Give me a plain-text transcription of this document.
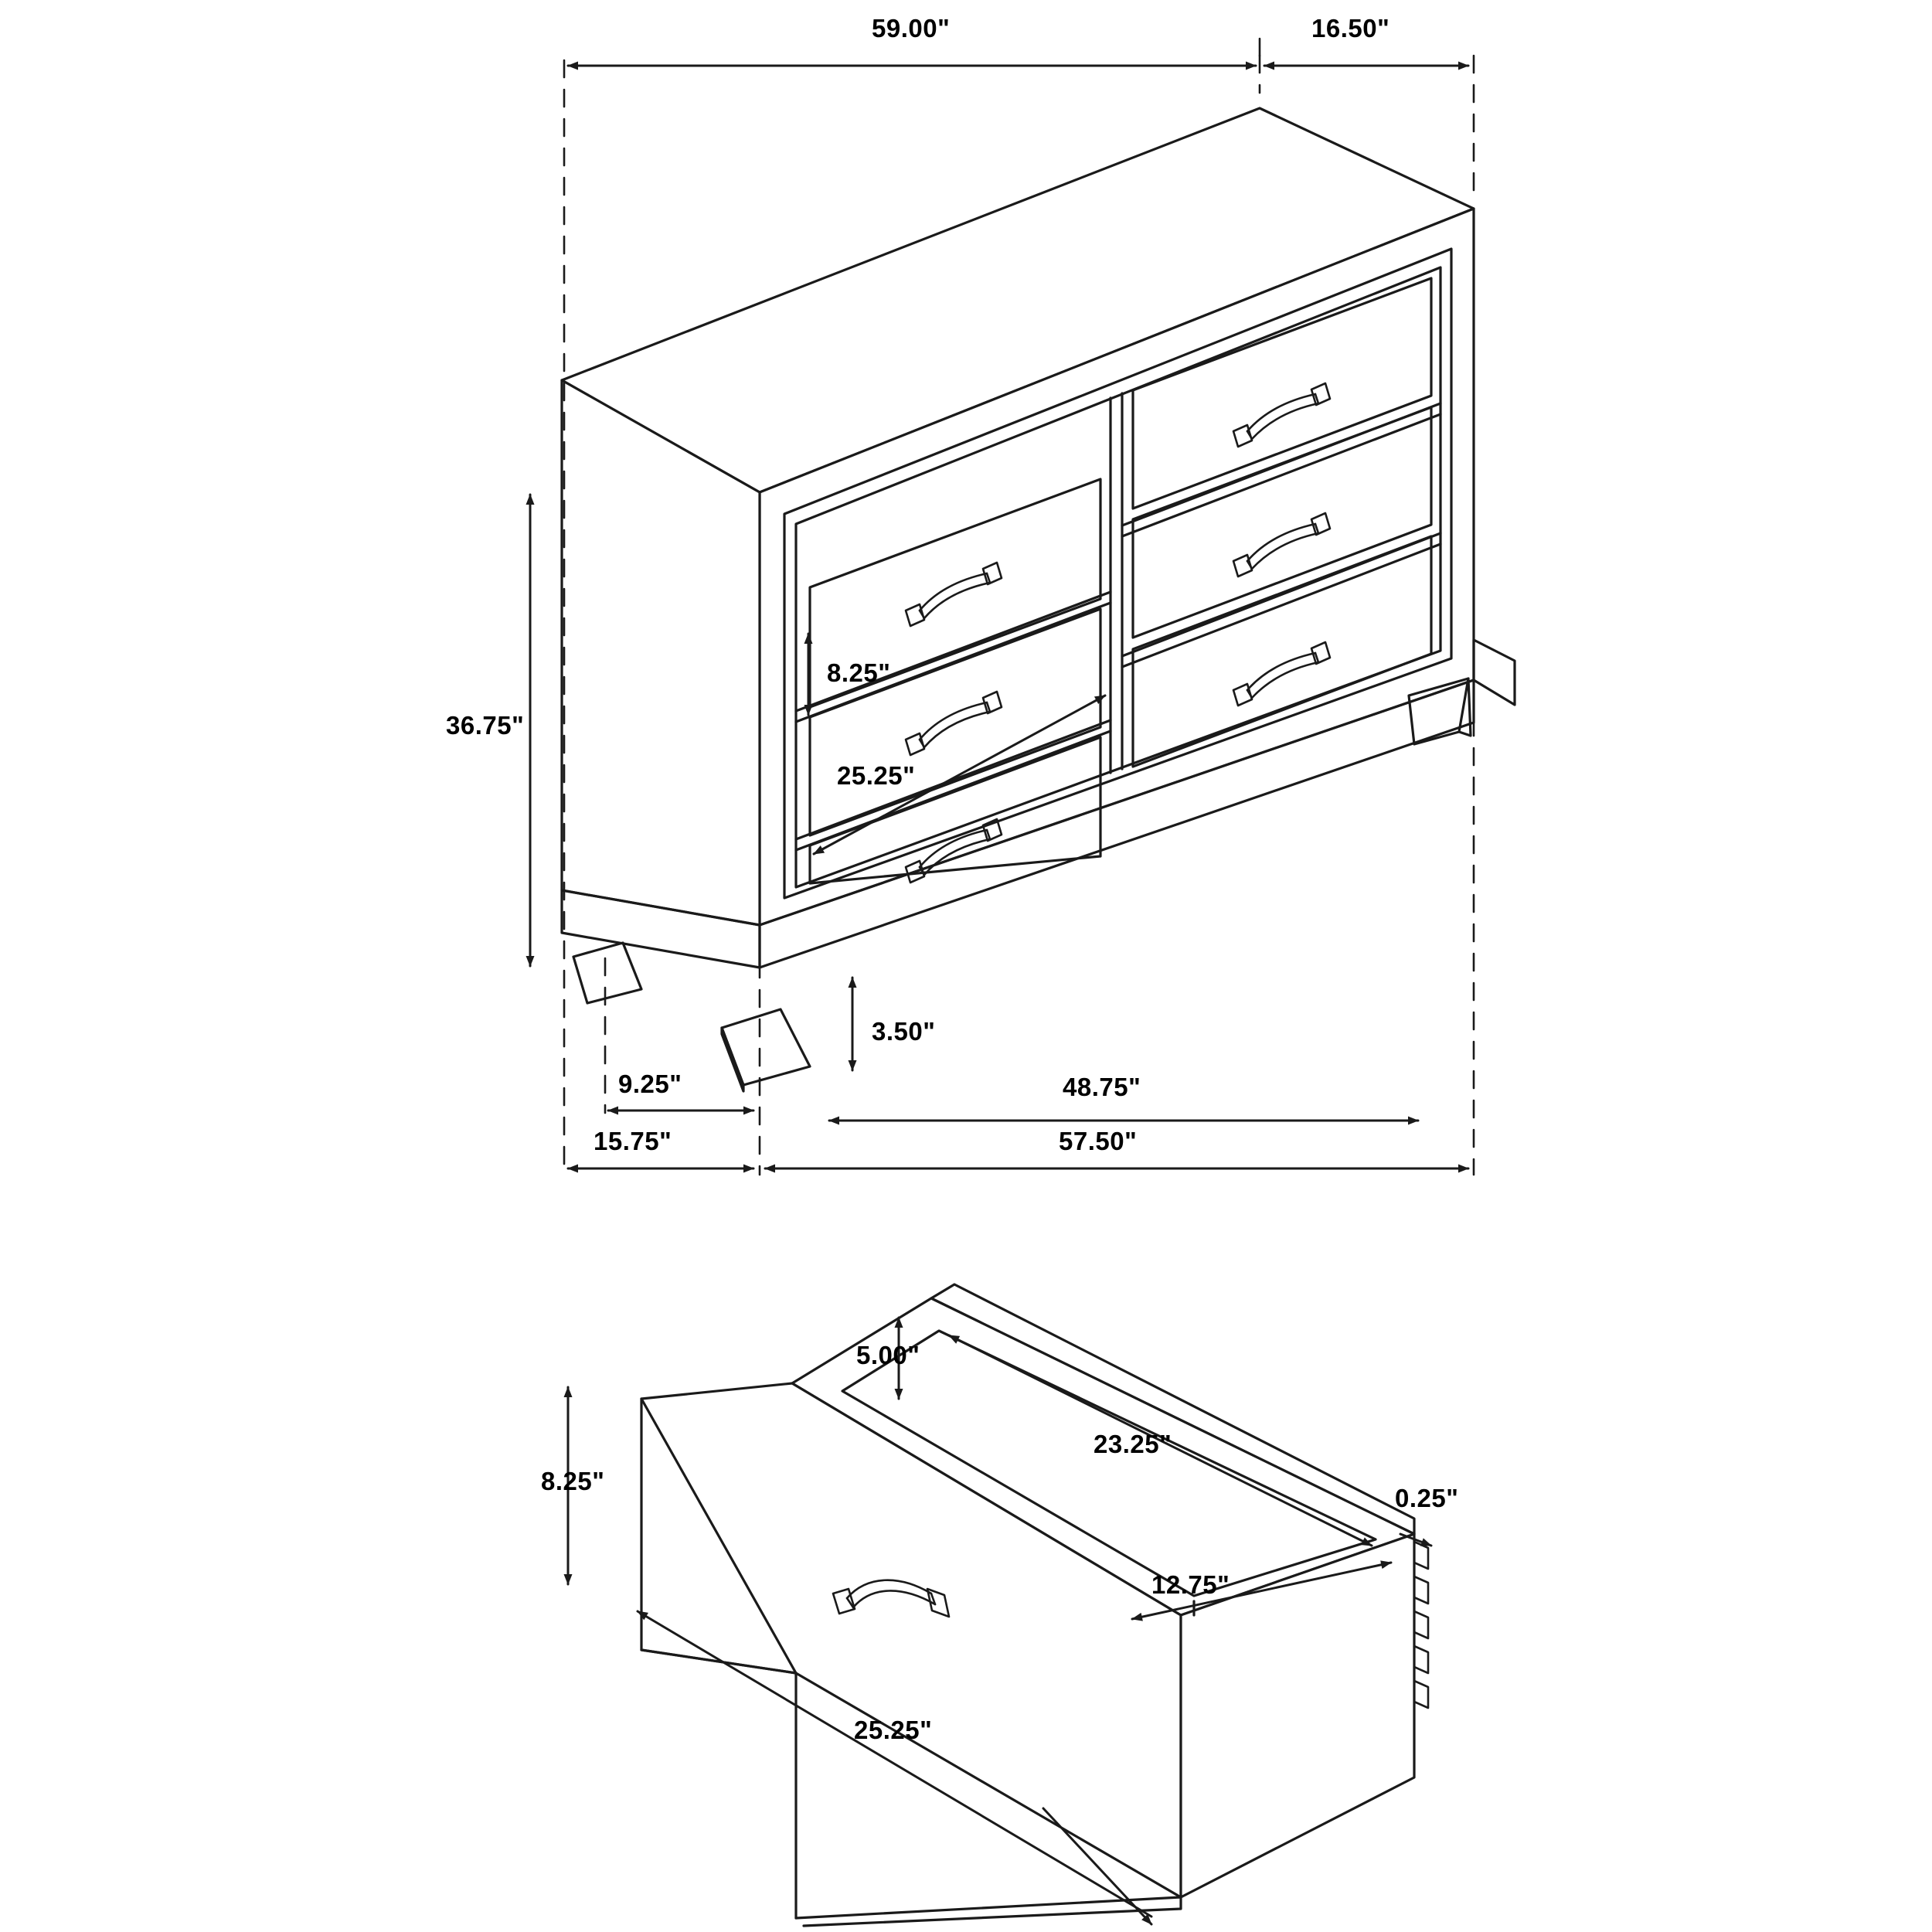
59.00"	16.50"
36.75"
8.25"
25.25"
3.50"
9.25"	48.75"
15.75"	57.50"
5.00"
8.25"
23.25"
12.75"
0.25"
25.25"
